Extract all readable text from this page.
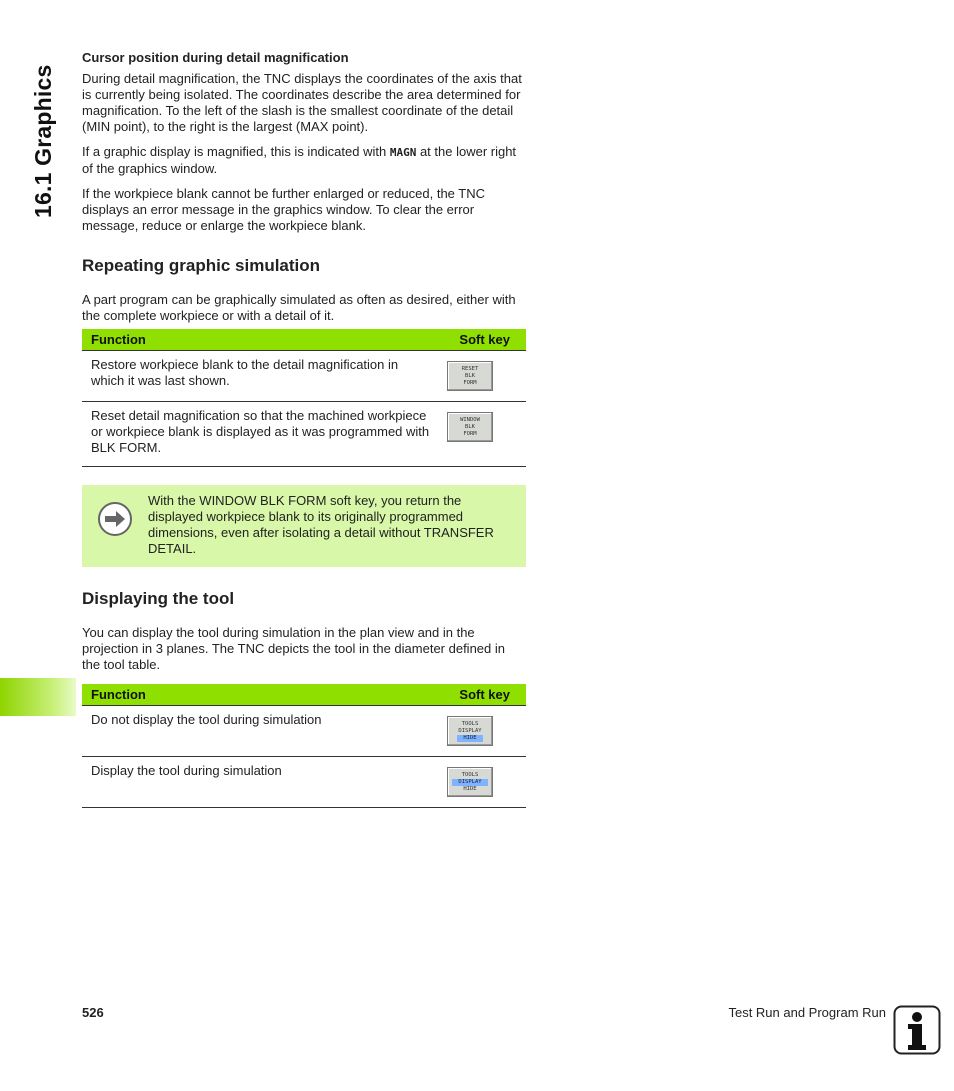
16.1 Graphics
Cursor position during detail magnification

During detail magnification, the TNC displays the coordinates of the axis that is currently being isolated. The coordinates describe the area determined for magnification. To the left of the slash is the smallest coordinate of the detail (MIN point), to the right is the largest (MAX point).

If a graphic display is magnified, this is indicated with MAGN at the lower right of the graphics window.

If the workpiece blank cannot be further enlarged or reduced, the TNC displays an error message in the graphics window. To clear the error message, reduce or enlarge the workpiece blank.

Repeating graphic simulation

A part program can be graphically simulated as often as desired, either with the complete workpiece or with a detail of it.

Function	Soft key
Restore workpiece blank to the detail magnification in which it was last shown.	RESET
BLK
FORM

Reset detail magnification so that the machined workpiece or workpiece blank is displayed as it was programmed with BLK FORM.	WINDOW
BLK
FORM
With the WINDOW BLK FORM soft key, you return the displayed workpiece blank to its originally programmed dimensions, even after isolating a detail without TRANSFER DETAIL.
Displaying the tool

You can display the tool during simulation in the plan view and in the projection in 3 planes. The TNC depicts the tool in the diameter defined in the tool table.

Function	Soft key
Do not display the tool during simulation	TOOLS
DISPLAY
HIDE

Display the tool during simulation	TOOLS
DISPLAY
HIDE
526	Test Run and Program Run
